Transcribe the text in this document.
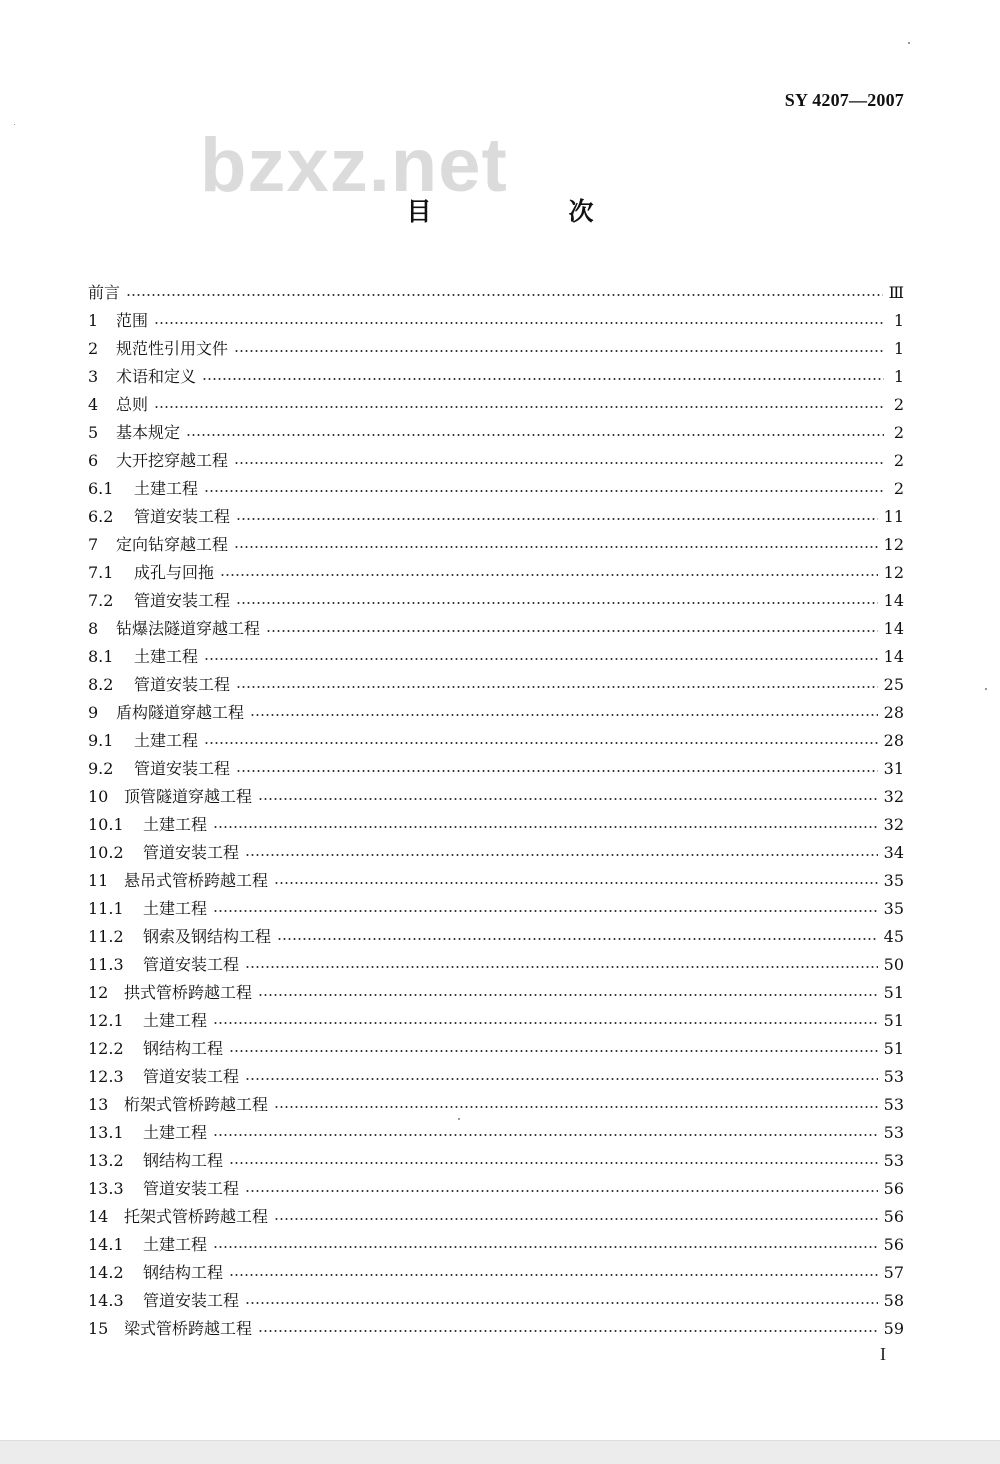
SY 4207—2007
bzxz.net
目　次
前言	Ⅲ
1	范围	1
2	规范性引用文件	1
3	术语和定义	1
4	总则	2
5	基本规定	2
6	大开挖穿越工程	2
6.1	土建工程	2
6.2	管道安装工程	11
7	定向钻穿越工程	12
7.1	成孔与回拖	12
7.2	管道安装工程	14
8	钻爆法隧道穿越工程	14
8.1	土建工程	14
8.2	管道安装工程	25
9	盾构隧道穿越工程	28
9.1	土建工程	28
9.2	管道安装工程	31
10 顶管隧道穿越工程	32
10.1	土建工程	32
10.2	管道安装工程	34
11 悬吊式管桥跨越工程	35
11.1	土建工程	35
11.2	钢索及钢结构工程	45
11.3	管道安装工程	50
12 拱式管桥跨越工程	51
12.1	土建工程	51
12.2	钢结构工程	51
12.3	管道安装工程	53
13 桁架式管桥跨越工程	53
13.1	土建工程	53
13.2	钢结构工程	53
13.3	管道安装工程	56
14 托架式管桥跨越工程	56
14.1	土建工程	56
14.2	钢结构工程	57
14.3	管道安装工程	58
15 梁式管桥跨越工程	59
I
